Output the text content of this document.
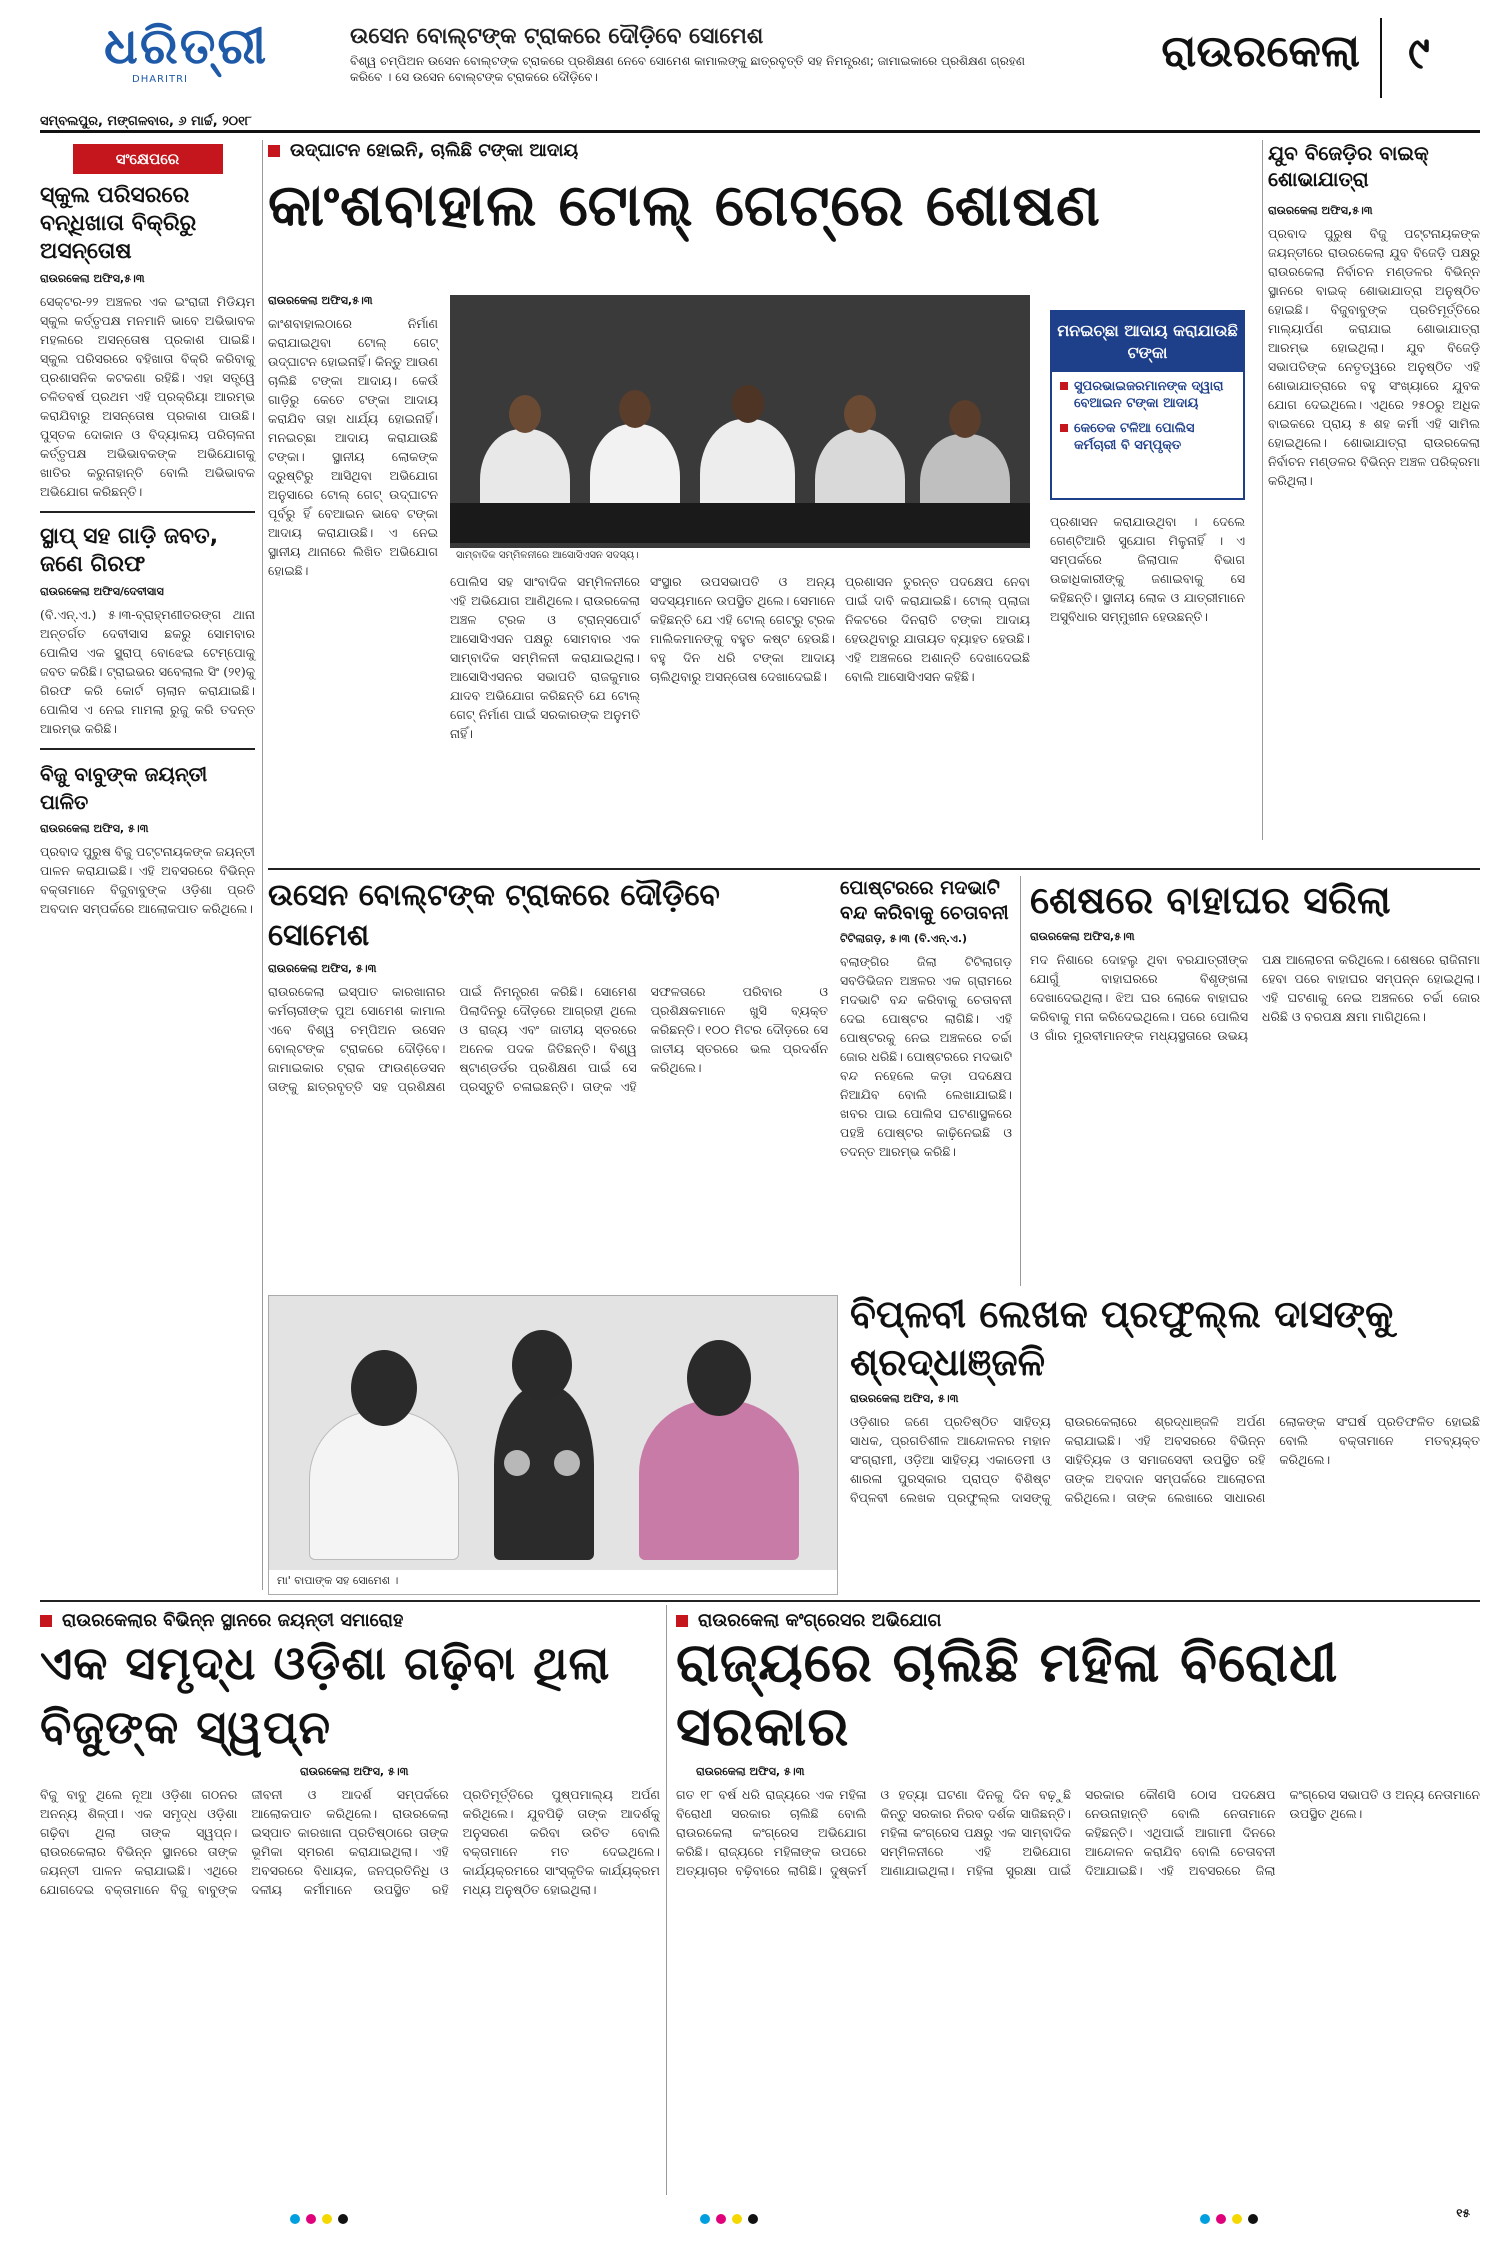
ଧରିତ୍ରୀ
DHARITRI
ସମ୍ବଲପୁର, ମଙ୍ଗଳବାର, ୬ ମାର୍ଚ୍ଚ, ୨୦୧୮
ଉସେନ ବୋଲ୍ଟଙ୍କ ଟ୍ରାକରେ ଦୌଡ଼ିବେ ସୋମେଶ
ବିଶ୍ୱ ଚମ୍ପିଅନ ଉସେନ ବୋଲ୍ଟଙ୍କ ଟ୍ରାକରେ ପ୍ରଶିକ୍ଷଣ ନେବେ ସୋମେଶ କାମାଲଙ୍କୁ ଛାତ୍ରବୃତ୍ତି ସହ ନିମନ୍ତ୍ରଣ; ଜାମାଇକାରେ ପ୍ରଶିକ୍ଷଣ ଗ୍ରହଣ କରିବେ । ସେ ଉସେନ ବୋଲ୍ଟଙ୍କ ଟ୍ରାକରେ ଦୌଡ଼ିବେ।	ରାଉରକେଲା ୯
ସଂକ୍ଷେପରେ
ସ୍କୁଲ ପରିସରରେ ବନ୍ଧିଖାତା ବିକ୍ରିରୁ ଅସନ୍ତୋଷ
ରାଉରକେଲା ଅଫିସ,୫।୩
ସେକ୍ଟର-୨୨ ଅଞ୍ଚଳର ଏକ ଇଂରାଜୀ ମିଡିୟମ ସ୍କୁଲ କର୍ତ୍ତୃପକ୍ଷ ମନମାନି ଭାବେ ଅଭିଭାବକ ମହଲରେ ଅସନ୍ତୋଷ ପ୍ରକାଶ ପାଇଛି। ସ୍କୁଲ ପରିସରରେ ବହିଖାତା ବିକ୍ରି କରିବାକୁ ପ୍ରଶାସନିକ କଟକଣା ରହିଛି। ଏହା ସତ୍ତ୍ୱେ ଚଳିତବର୍ଷ ପ୍ରଥମ ଏହି ପ୍ରକ୍ରିୟା ଆରମ୍ଭ କରାଯିବାରୁ ଅସନ୍ତୋଷ ପ୍ରକାଶ ପାଉଛି। ପୁସ୍ତକ ଦୋକାନ ଓ ବିଦ୍ୟାଳୟ ପରିଚାଳନା କର୍ତ୍ତୃପକ୍ଷ ଅଭିଭାବକଙ୍କ ଅଭିଯୋଗକୁ ଖାତିର କରୁନାହାନ୍ତି ବୋଲି ଅଭିଭାବକ ଅଭିଯୋଗ କରିଛନ୍ତି।
ସ୍ଥାପ୍ ସହ ଗାଡ଼ି ଜବତ, ଜଣେ ଗିରଫ
ରାଉରକେଲା ଅଫିସ/ଦେବୀସାସ
(ବି.ଏନ୍‌.ଏ.) ୫।୩-ବ୍ରାହ୍ମଣୀତରଙ୍ଗ ଥାନା ଅନ୍ତର୍ଗତ ଦେବୀସାସ ଛକରୁ ସୋମବାର ପୋଲିସ ଏକ ସ୍କ୍ରାପ୍ ବୋଝେଇ ଟେମ୍ପୋକୁ ଜବତ କରିଛି। ଟ୍ରାଇଭର ସବେଲାଲ ସିଂ (୨୧)କୁ ଗିରଫ କରି କୋର୍ଟ ଚାଲାନ କରାଯାଇଛି। ପୋଲିସ ଏ ନେଇ ମାମଲା ରୁଜୁ କରି ତଦନ୍ତ ଆରମ୍ଭ କରିଛି।
ବିଜୁ ବାବୁଙ୍କ ଜୟନ୍ତୀ ପାଳିତ
ରାଉରକେଲା ଅଫିସ, ୫।୩
ପ୍ରବାଦ ପୁରୁଷ ବିଜୁ ପଟ୍ଟନାୟକଙ୍କ ଜୟନ୍ତୀ ପାଳନ କରାଯାଇଛି। ଏହି ଅବସରରେ ବିଭିନ୍ନ ବକ୍ତାମାନେ ବିଜୁବାବୁଙ୍କ ଓଡ଼ିଶା ପ୍ରତି ଅବଦାନ ସମ୍ପର୍କରେ ଆଲୋକପାତ କରିଥିଲେ।
ଉଦ୍‌ଘାଟନ ହୋଇନି, ଚାଲିଛି ଟଙ୍କା ଆଦାୟ
କାଂଶବାହାଲ ଟୋଲ୍ ଗେଟ୍‌ରେ ଶୋଷଣ
ରାଉରକେଲା ଅଫିସ,୫।୩
କାଂଶବାହାଲଠାରେ ନିର୍ମାଣ କରାଯାଇଥିବା ଟୋଲ୍ ଗେଟ୍ ଉଦ୍‌ଘାଟନ ହୋଇନାହିଁ। କିନ୍ତୁ ଆଉଣ ଚାଲିଛି ଟଙ୍କା ଆଦାୟ। କେଉଁ ଗାଡ଼ିରୁ କେତେ ଟଙ୍କା ଆଦାୟ କରାଯିବ ତାହା ଧାର୍ଯ୍ୟ ହୋଇନାହିଁ। ମନଇଚ୍ଛା ଆଦାୟ କରାଯାଉଛି ଟଙ୍କା। ସ୍ଥାନୀୟ ଲୋକଙ୍କ ଦ୍ରୁଷ୍ଟିରୁ ଆସିଥିବା ଅଭିଯୋଗ ଅନୁସାରେ ଟୋଲ୍ ଗେଟ୍ ଉଦ୍‌ଘାଟନ ପୂର୍ବରୁ ହିଁ ବେଆଇନ ଭାବେ ଟଙ୍କା ଆଦାୟ କରାଯାଉଛି। ଏ ନେଇ ସ୍ଥାନୀୟ ଥାନାରେ ଲିଖିତ ଅଭିଯୋଗ ହୋଇଛି।
ସାମ୍ବାଦିକ ସମ୍ମିଳନୀରେ ଆସୋସିଏସନ ସଦସ୍ୟ।
ମନଇଚ୍ଛା ଆଦାୟ କରାଯାଉଛି ଟଙ୍କା
ସୁପରଭାଇଜରମାନଙ୍କ ଦ୍ୱାରା ବେଆଇନ ଟଙ୍କା ଆଦାୟ
କେତେକ ଟଳିଆ ପୋଲିସ କର୍ମଚାରୀ ବି ସମ୍ପୃକ୍ତ
ପ୍ରଶାସନ କରାଯାଉଥିବା । ଦେଲେ ଗେଣ୍ଟିଆରି ସୁଯୋଗ ମିଳୁନାହିଁ । ଏ ସମ୍ପର୍କରେ ଜିଲାପାଳ ବିଭାଗ ଉଚ୍ଚାଧିକାରୀଙ୍କୁ ଜଣାଇବାକୁ ସେ କହିଛନ୍ତି। ସ୍ଥାନୀୟ ଲୋକ ଓ ଯାତ୍ରୀମାନେ ଅସୁବିଧାର ସମ୍ମୁଖୀନ ହେଉଛନ୍ତି।
ପୋଲିସ ସହ ସାଂବାଦିକ ସମ୍ମିଳନୀରେ ଏହି ଅଭିଯୋଗ ଆଣିଥିଲେ। ରାଉରକେଲା ଅଞ୍ଚଳ ଟ୍ରକ ଓ ଟ୍ରାନ୍ସପୋର୍ଟ ଆସୋସିଏସନ ପକ୍ଷରୁ ସୋମବାର ଏକ ସାମ୍ବାଦିକ ସମ୍ମିଳନୀ କରାଯାଇଥିଲା। ଆସୋସିଏସନର ସଭାପତି ରାଜକୁମାର ଯାଦବ ଅଭିଯୋଗ କରିଛନ୍ତି ଯେ ଟୋଲ୍ ଗେଟ୍ ନିର୍ମାଣ ପାଇଁ ସରକାରଙ୍କ ଅନୁମତି ନାହିଁ।
ସଂସ୍ଥାର ଉପସଭାପତି ଓ ଅନ୍ୟ ସଦସ୍ୟମାନେ ଉପସ୍ଥିତ ଥିଲେ। ସେମାନେ କହିଛନ୍ତି ଯେ ଏହି ଟୋଲ୍ ଗେଟ୍‌ରୁ ଟ୍ରକ ମାଲିକମାନଙ୍କୁ ବହୁତ କଷ୍ଟ ହେଉଛି। ବହୁ ଦିନ ଧରି ଟଙ୍କା ଆଦାୟ ଚାଲିଥିବାରୁ ଅସନ୍ତୋଷ ଦେଖାଦେଇଛି।
ପ୍ରଶାସନ ତୁରନ୍ତ ପଦକ୍ଷେପ ନେବା ପାଇଁ ଦାବି କରାଯାଇଛି। ଟୋଲ୍ ପ୍ଲାଜା ନିକଟରେ ଦିନରାତି ଟଙ୍କା ଆଦାୟ ହେଉଥିବାରୁ ଯାତାୟତ ବ୍ୟାହତ ହେଉଛି। ଏହି ଅଞ୍ଚଳରେ ଅଶାନ୍ତି ଦେଖାଦେଇଛି ବୋଲି ଆସୋସିଏସନ କହିଛି।
ଯୁବ ବିଜେଡ଼ିର ବାଇକ୍ ଶୋଭାଯାତ୍ରା
ରାଉରକେଲା ଅଫିସ,୫।୩
ପ୍ରବାଦ ପୁରୁଷ ବିଜୁ ପଟ୍ଟନାୟକଙ୍କ ଜୟନ୍ତୀରେ ରାଉରକେଲା ଯୁବ ବିଜେଡ଼ି ପକ୍ଷରୁ ରାଉରକେଲା ନିର୍ବାଚନ ମଣ୍ଡଳର ବିଭିନ୍ନ ସ୍ଥାନରେ ବାଇକ୍ ଶୋଭାଯାତ୍ରା ଅନୁଷ୍ଠିତ ହୋଇଛି। ବିଜୁବାବୁଙ୍କ ପ୍ରତିମୂର୍ତ୍ତିରେ ମାଲ୍ୟାର୍ପଣ କରାଯାଇ ଶୋଭାଯାତ୍ରା ଆରମ୍ଭ ହୋଇଥିଲା। ଯୁବ ବିଜେଡ଼ି ସଭାପତିଙ୍କ ନେତୃତ୍ୱରେ ଅନୁଷ୍ଠିତ ଏହି ଶୋଭାଯାତ୍ରାରେ ବହୁ ସଂଖ୍ୟାରେ ଯୁବକ ଯୋଗ ଦେଇଥିଲେ। ଏଥିରେ ୨୫୦ରୁ ଅଧିକ ବାଇକରେ ପ୍ରାୟ ୫ ଶହ କର୍ମୀ ଏହି ସାମିଲ ହୋଇଥିଲେ। ଶୋଭାଯାତ୍ରା ରାଉରକେଲା ନିର୍ବାଚନ ମଣ୍ଡଳର ବିଭିନ୍ନ ଅଞ୍ଚଳ ପରିକ୍ରମା କରିଥିଲା।
ଉସେନ ବୋଲ୍ଟଙ୍କ ଟ୍ରାକରେ ଦୌଡ଼ିବେ ସୋମେଶ
ରାଉରକେଲା ଅଫିସ, ୫।୩
ରାଉରକେଲା ଇସ୍ପାତ କାରଖାନାର କର୍ମଚାରୀଙ୍କ ପୁଅ ସୋମେଶ କାମାଲ ଏବେ ବିଶ୍ୱ ଚମ୍ପିଅନ ଉସେନ ବୋଲ୍ଟଙ୍କ ଟ୍ରାକରେ ଦୌଡ଼ିବେ। ଜାମାଇକାର ଟ୍ରାକ ଫାଉଣ୍ଡେସନ ତାଙ୍କୁ ଛାତ୍ରବୃତ୍ତି ସହ ପ୍ରଶିକ୍ଷଣ ପାଇଁ ନିମନ୍ତ୍ରଣ କରିଛି। ସୋମେଶ ପିଲାଦିନରୁ ଦୌଡ଼ରେ ଆଗ୍ରହୀ ଥିଲେ ଓ ରାଜ୍ୟ ଏବଂ ଜାତୀୟ ସ୍ତରରେ ଅନେକ ପଦକ ଜିତିଛନ୍ତି। ବିଶ୍ୱ ଷ୍ଟାଣ୍ଡର୍ଡର ପ୍ରଶିକ୍ଷଣ ପାଇଁ ସେ ପ୍ରସ୍ତୁତି ଚଳାଇଛନ୍ତି। ତାଙ୍କ ଏହି ସଫଳତାରେ ପରିବାର ଓ ପ୍ରଶିକ୍ଷକମାନେ ଖୁସି ବ୍ୟକ୍ତ କରିଛନ୍ତି। ୧୦୦ ମିଟର ଦୌଡ଼ରେ ସେ ଜାତୀୟ ସ୍ତରରେ ଭଲ ପ୍ରଦର୍ଶନ କରିଥିଲେ।
ପୋଷ୍ଟରରେ ମଦଭାଟି ବନ୍ଦ କରିବାକୁ ଚେତାବନୀ
ଟିଟିଲାଗଡ଼, ୫।୩ (ବି.ଏନ୍‌.ଏ.)
ବଲାଙ୍ଗିର ଜିଲା ଟିଟିଲାଗଡ଼ ସବଡିଭିଜନ ଅଞ୍ଚଳର ଏକ ଗ୍ରାମରେ ମଦଭାଟି ବନ୍ଦ କରିବାକୁ ଚେତାବନୀ ଦେଇ ପୋଷ୍ଟର ଲାଗିଛି। ଏହି ପୋଷ୍ଟରକୁ ନେଇ ଅଞ୍ଚଳରେ ଚର୍ଚ୍ଚା ଜୋର ଧରିଛି। ପୋଷ୍ଟରରେ ମଦଭାଟି ବନ୍ଦ ନହେଲେ କଡ଼ା ପଦକ୍ଷେପ ନିଆଯିବ ବୋଲି ଲେଖାଯାଇଛି। ଖବର ପାଇ ପୋଲିସ ଘଟଣାସ୍ଥଳରେ ପହଞ୍ଚି ପୋଷ୍ଟର କାଢ଼ିନେଇଛି ଓ ତଦନ୍ତ ଆରମ୍ଭ କରିଛି।
ଶେଷରେ ବାହାଘର ସରିଲା
ରାଉରକେଲା ଅଫିସ,୫।୩
ମଦ ନିଶାରେ ଦୋହଲୁ ଥିବା ବରଯାତ୍ରୀଙ୍କ ଯୋଗୁଁ ବାହାଘରରେ ବିଶୃଙ୍ଖଳା ଦେଖାଦେଇଥିଲା। ଝିଅ ଘର ଲୋକେ ବାହାଘର କରିବାକୁ ମନା କରିଦେଇଥିଲେ। ପରେ ପୋଲିସ ଓ ଗାଁର ମୁରବୀମାନଙ୍କ ମଧ୍ୟସ୍ଥତାରେ ଉଭୟ ପକ୍ଷ ଆଲୋଚନା କରିଥିଲେ। ଶେଷରେ ରାଜିନାମା ହେବା ପରେ ବାହାଘର ସମ୍ପନ୍ନ ହୋଇଥିଲା। ଏହି ଘଟଣାକୁ ନେଇ ଅଞ୍ଚଳରେ ଚର୍ଚ୍ଚା ଜୋର ଧରିଛି ଓ ବରପକ୍ଷ କ୍ଷମା ମାଗିଥିଲେ।
ମା' ବାପାଙ୍କ ସହ ସୋମେଶ ।
ବିପ୍ଳବୀ ଲେଖକ ପ୍ରଫୁଲ୍ଲ ଦାସଙ୍କୁ ଶ୍ରଦ୍ଧାଞ୍ଜଳି
ରାଉରକେଲା ଅଫିସ, ୫।୩
ଓଡ଼ିଶାର ଜଣେ ପ୍ରତିଷ୍ଠିତ ସାହିତ୍ୟ ସାଧକ, ପ୍ରଗତିଶୀଳ ଆନ୍ଦୋଳନର ମହାନ ସଂଗ୍ରାମୀ, ଓଡ଼ିଆ ସାହିତ୍ୟ ଏକାଡେମୀ ଓ ଶାରଳା ପୁରସ୍କାର ପ୍ରାପ୍ତ ବିଶିଷ୍ଟ ବିପ୍ଳବୀ ଲେଖକ ପ୍ରଫୁଲ୍ଲ ଦାସଙ୍କୁ ରାଉରକେଲାରେ ଶ୍ରଦ୍ଧାଞ୍ଜଳି ଅର୍ପଣ କରାଯାଇଛି। ଏହି ଅବସରରେ ବିଭିନ୍ନ ସାହିତ୍ୟିକ ଓ ସମାଜସେବୀ ଉପସ୍ଥିତ ରହି ତାଙ୍କ ଅବଦାନ ସମ୍ପର୍କରେ ଆଲୋଚନା କରିଥିଲେ। ତାଙ୍କ ଲେଖାରେ ସାଧାରଣ ଲୋକଙ୍କ ସଂଘର୍ଷ ପ୍ରତିଫଳିତ ହୋଇଛି ବୋଲି ବକ୍ତାମାନେ ମତବ୍ୟକ୍ତ କରିଥିଲେ।
ରାଉରକେଲାର ବିଭିନ୍ନ ସ୍ଥାନରେ ଜୟନ୍ତୀ ସମାରୋହ
ଏକ ସମୃଦ୍ଧ ଓଡ଼ିଶା ଗଢ଼ିବା ଥିଲା ବିଜୁଙ୍କ ସ୍ୱପ୍ନ
ରାଉରକେଲା ଅଫିସ, ୫।୩
ବିଜୁ ବାବୁ ଥିଲେ ନୂଆ ଓଡ଼ିଶା ଗଠନର ଅନନ୍ୟ ଶିଳ୍ପୀ। ଏକ ସମୃଦ୍ଧ ଓଡ଼ିଶା ଗଢ଼ିବା ଥିଲା ତାଙ୍କ ସ୍ୱପ୍ନ। ରାଉରକେଲାର ବିଭିନ୍ନ ସ୍ଥାନରେ ତାଙ୍କ ଜୟନ୍ତୀ ପାଳନ କରାଯାଇଛି। ଏଥିରେ ଯୋଗଦେଇ ବକ୍ତାମାନେ ବିଜୁ ବାବୁଙ୍କ ଜୀବନୀ ଓ ଆଦର୍ଶ ସମ୍ପର୍କରେ ଆଲୋକପାତ କରିଥିଲେ। ରାଉରକେଲା ଇସ୍ପାତ କାରଖାନା ପ୍ରତିଷ୍ଠାରେ ତାଙ୍କ ଭୂମିକା ସ୍ମରଣ କରାଯାଇଥିଲା। ଏହି ଅବସରରେ ବିଧାୟକ, ଜନପ୍ରତିନିଧି ଓ ଦଳୀୟ କର୍ମୀମାନେ ଉପସ୍ଥିତ ରହି ପ୍ରତିମୂର୍ତ୍ତିରେ ପୁଷ୍ପମାଲ୍ୟ ଅର୍ପଣ କରିଥିଲେ। ଯୁବପିଢ଼ି ତାଙ୍କ ଆଦର୍ଶକୁ ଅନୁସରଣ କରିବା ଉଚିତ ବୋଲି ବକ୍ତାମାନେ ମତ ଦେଇଥିଲେ। କାର୍ଯ୍ୟକ୍ରମରେ ସାଂସ୍କୃତିକ କାର୍ଯ୍ୟକ୍ରମ ମଧ୍ୟ ଅନୁଷ୍ଠିତ ହୋଇଥିଲା।
ରାଉରକେଲା କଂଗ୍ରେସର ଅଭିଯୋଗ
ରାଜ୍ୟରେ ଚାଲିଛି ମହିଳା ବିରୋଧୀ ସରକାର
ରାଉରକେଲା ଅଫିସ, ୫।୩
ଗତ ୧୮ ବର୍ଷ ଧରି ରାଜ୍ୟରେ ଏକ ମହିଳା ବିରୋଧୀ ସରକାର ଚାଲିଛି ବୋଲି ରାଉରକେଲା କଂଗ୍ରେସ ଅଭିଯୋଗ କରିଛି। ରାଜ୍ୟରେ ମହିଳାଙ୍କ ଉପରେ ଅତ୍ୟାଚାର ବଢ଼ିବାରେ ଲାଗିଛି। ଦୁଷ୍କର୍ମ ଓ ହତ୍ୟା ଘଟଣା ଦିନକୁ ଦିନ ବଢ଼ୁଛି କିନ୍ତୁ ସରକାର ନିରବ ଦର୍ଶକ ସାଜିଛନ୍ତି। ମହିଳା କଂଗ୍ରେସ ପକ୍ଷରୁ ଏକ ସାମ୍ବାଦିକ ସମ୍ମିଳନୀରେ ଏହି ଅଭିଯୋଗ ଆଣାଯାଇଥିଲା। ମହିଳା ସୁରକ୍ଷା ପାଇଁ ସରକାର କୌଣସି ଠୋସ ପଦକ୍ଷେପ ନେଉନାହାନ୍ତି ବୋଲି ନେତାମାନେ କହିଛନ୍ତି। ଏଥିପାଇଁ ଆଗାମୀ ଦିନରେ ଆନ୍ଦୋଳନ କରାଯିବ ବୋଲି ଚେତାବନୀ ଦିଆଯାଇଛି। ଏହି ଅବସରରେ ଜିଲା କଂଗ୍ରେସ ସଭାପତି ଓ ଅନ୍ୟ ନେତାମାନେ ଉପସ୍ଥିତ ଥିଲେ।
୧୫
